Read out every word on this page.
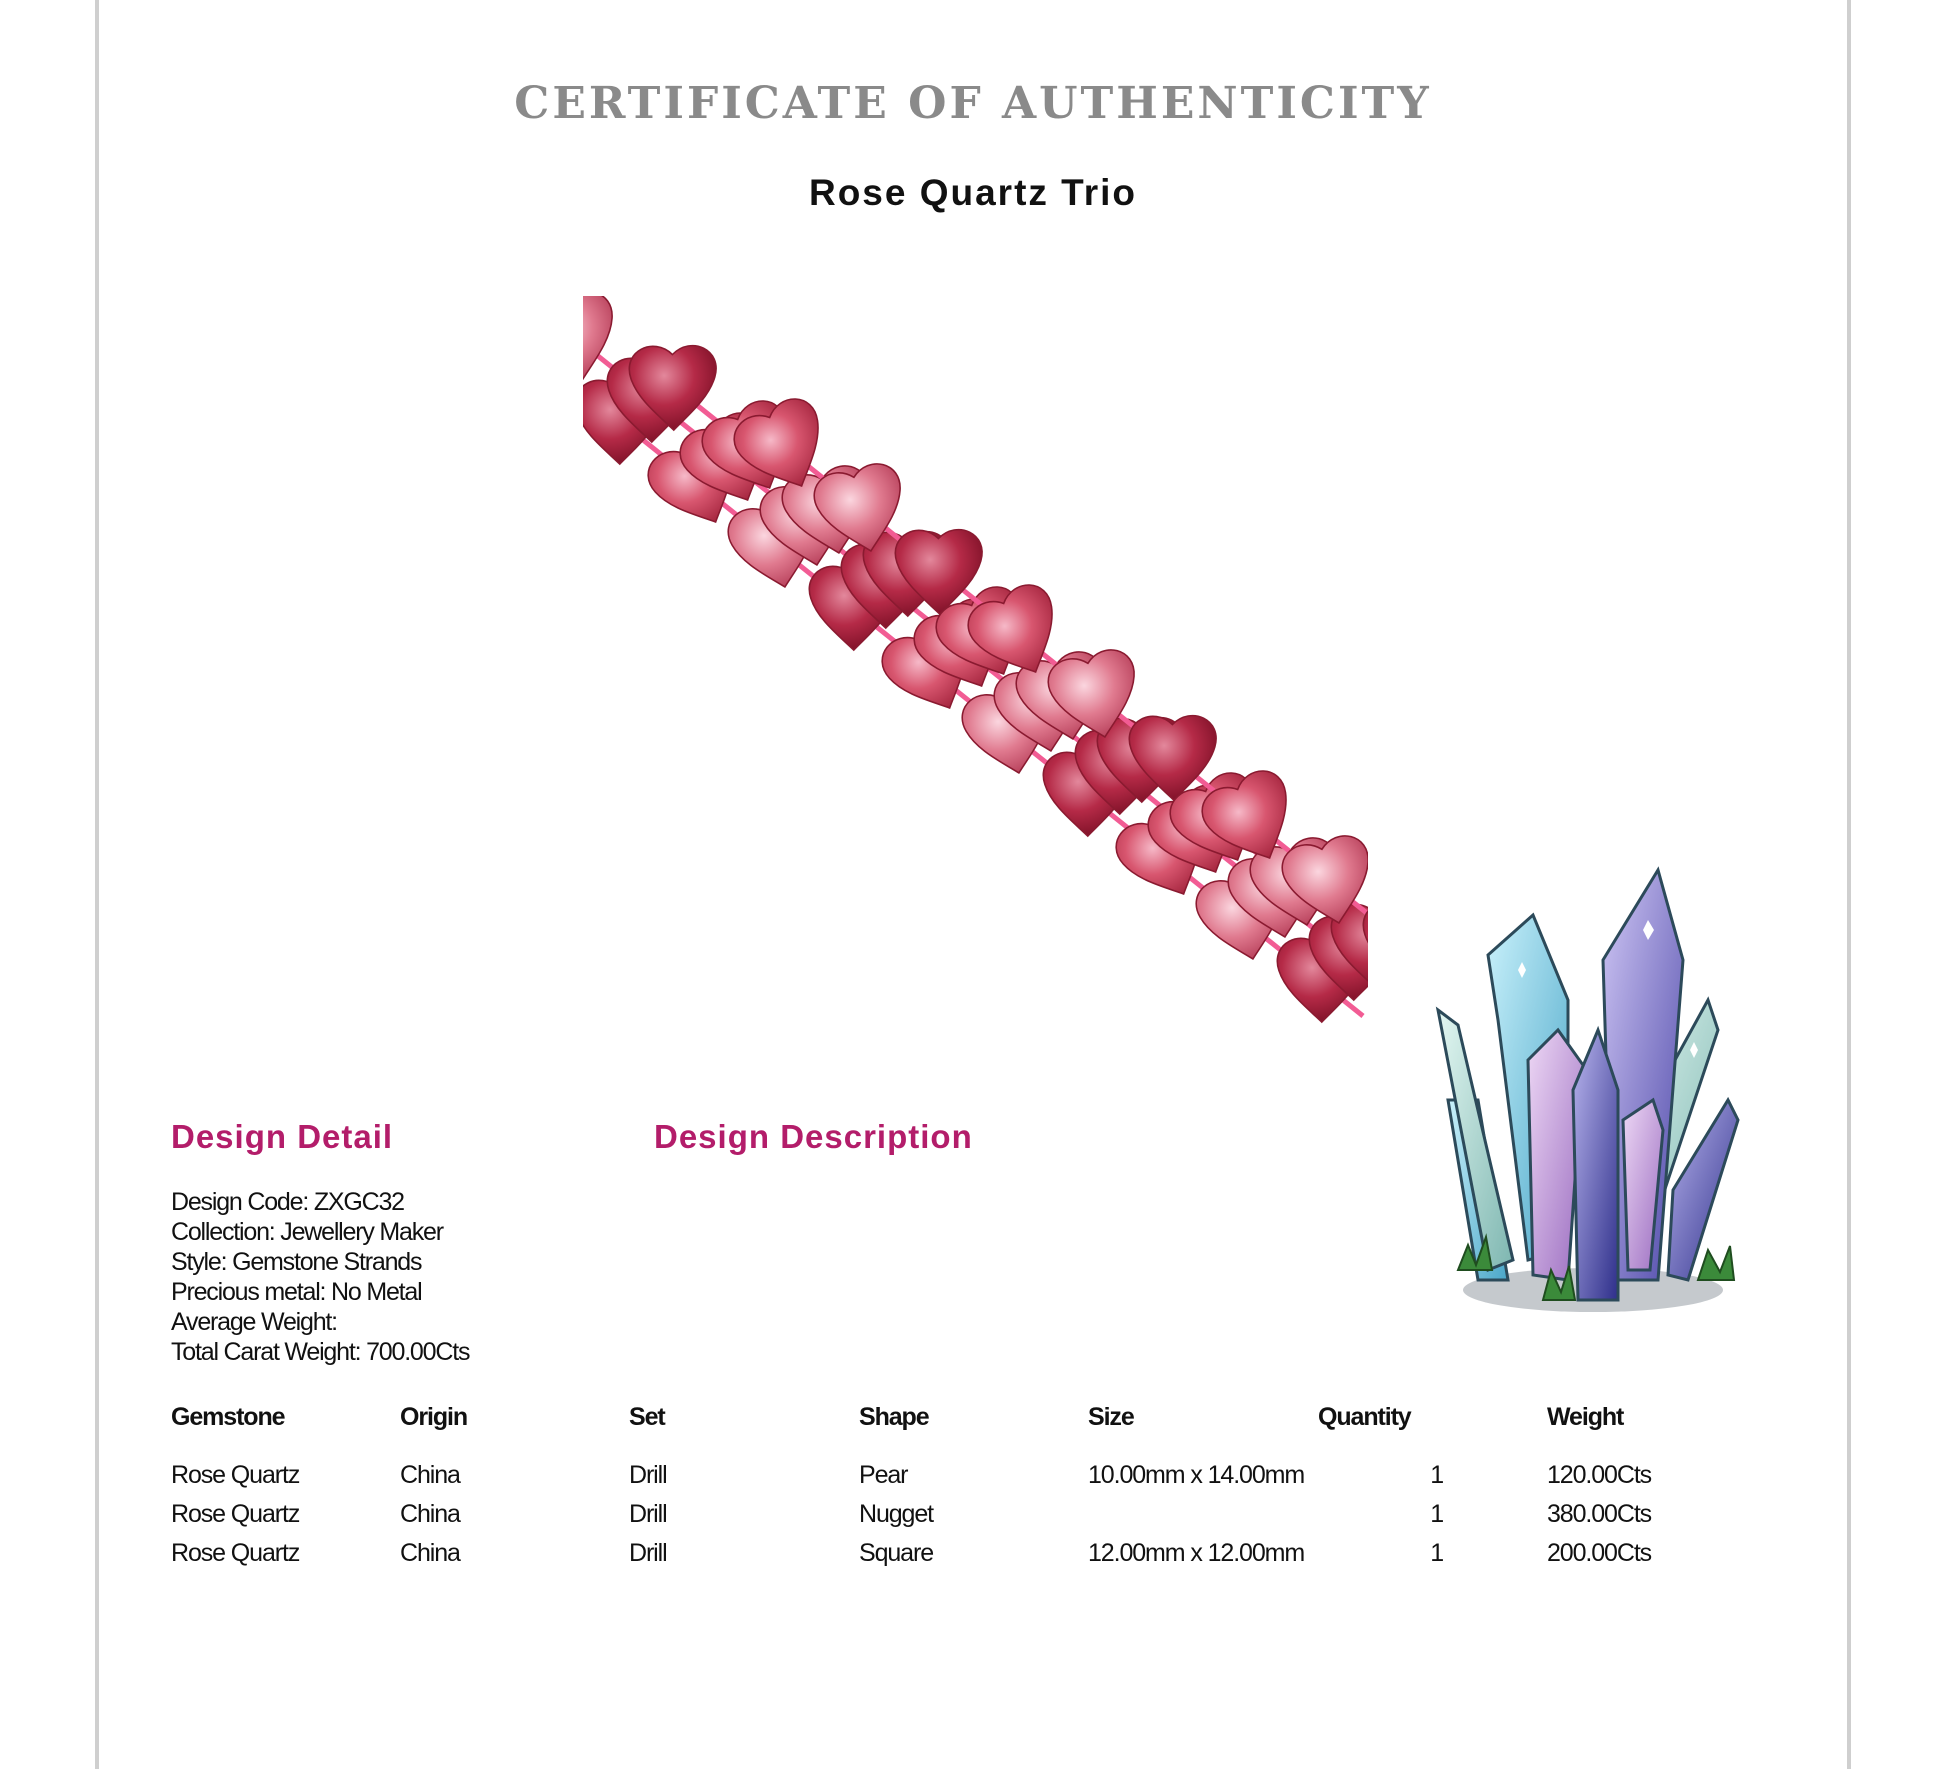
CERTIFICATE OF AUTHENTICITY
Rose Quartz Trio
Design Detail	Design Description
Design Code: ZXGC32
Collection: Jewellery Maker
Style: Gemstone Strands
Precious metal: No Metal
Average Weight:
Total Carat Weight: 700.00Cts
Gemstone	Origin	Set	Shape	Size	Quantity	Weight

Rose Quartz	China	Drill	Pear	10.00mm x 14.00mm	1	120.00Cts
Rose Quartz	China	Drill	Nugget		1	380.00Cts
Rose Quartz	China	Drill	Square	12.00mm x 12.00mm	1	200.00Cts
